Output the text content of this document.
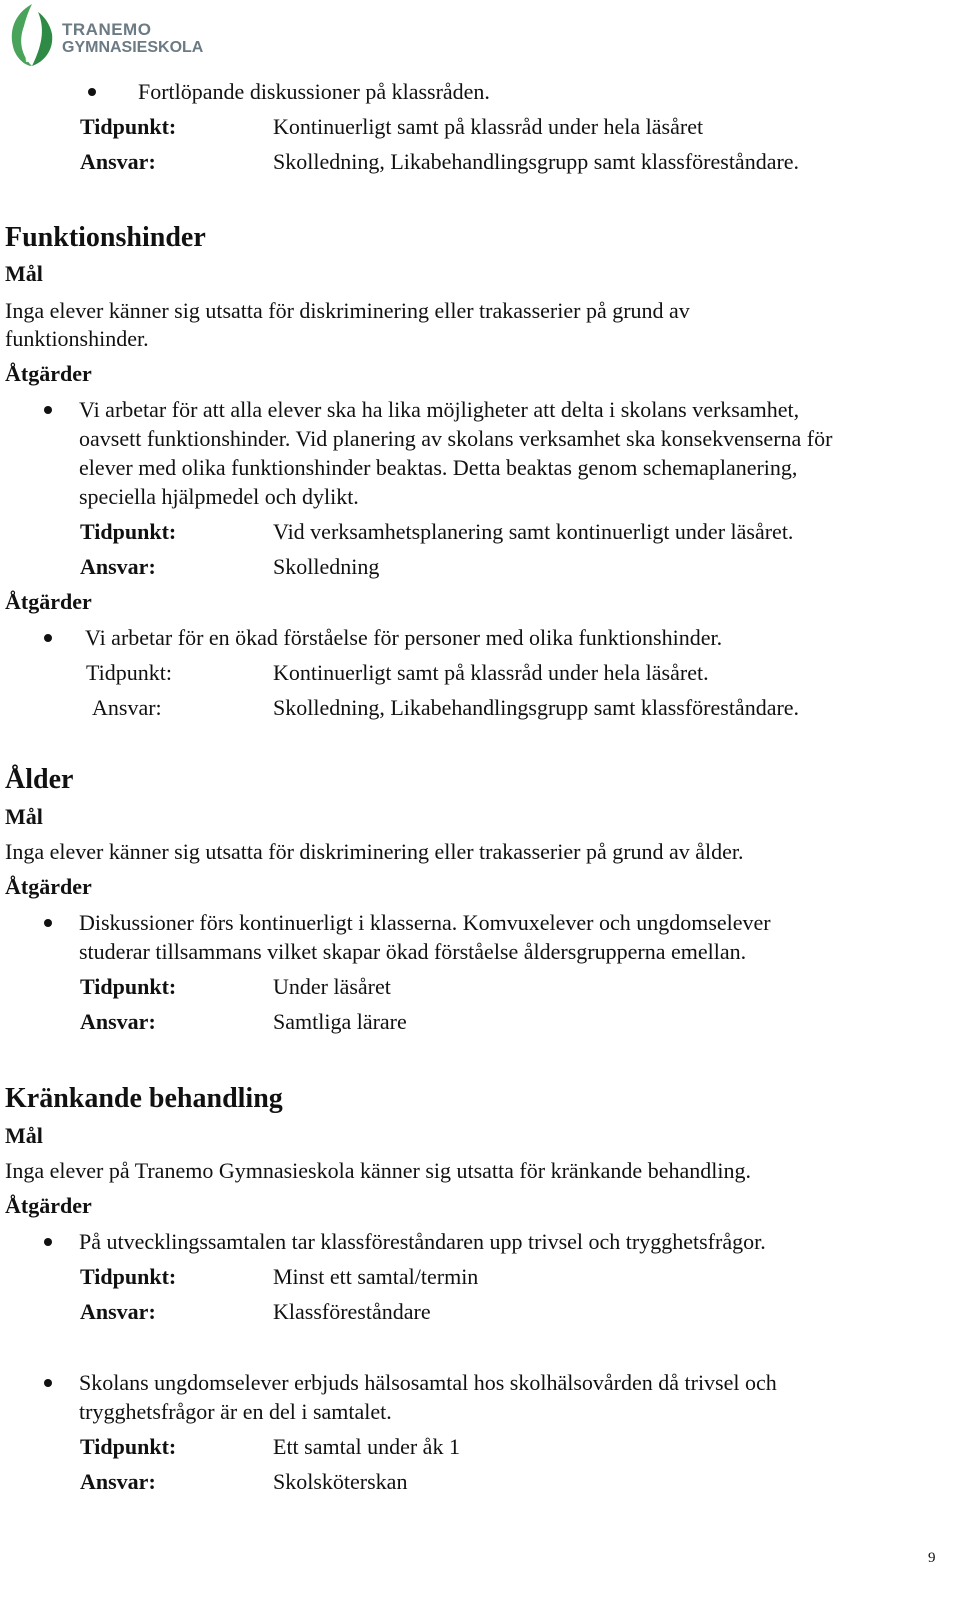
TRANEMO
GYMNASIESKOLA
Fortlöpande diskussioner på klassråden.
Tidpunkt:	Kontinuerligt samt på klassråd under hela läsåret
Ansvar:	Skolledning, Likabehandlingsgrupp samt klassföreståndare.
Funktionshinder
Mål
Inga elever känner sig utsatta för diskriminering eller trakasserier på grund av
funktionshinder.
Åtgärder
Vi arbetar för att alla elever ska ha lika möjligheter att delta i skolans verksamhet,
oavsett funktionshinder. Vid planering av skolans verksamhet ska konsekvenserna för
elever med olika funktionshinder beaktas. Detta beaktas genom schemaplanering,
speciella hjälpmedel och dylikt.
Tidpunkt:	Vid verksamhetsplanering samt kontinuerligt under läsåret.
Ansvar:	Skolledning
Åtgärder
Vi arbetar för en ökad förståelse för personer med olika funktionshinder.
Tidpunkt:	Kontinuerligt samt på klassråd under hela läsåret.
Ansvar:	Skolledning, Likabehandlingsgrupp samt klassföreståndare.
Ålder
Mål
Inga elever känner sig utsatta för diskriminering eller trakasserier på grund av ålder.
Åtgärder
Diskussioner förs kontinuerligt i klasserna. Komvuxelever och ungdomselever
studerar tillsammans vilket skapar ökad förståelse åldersgrupperna emellan.
Tidpunkt:	Under läsåret
Ansvar:	Samtliga lärare
Kränkande behandling
Mål
Inga elever på Tranemo Gymnasieskola känner sig utsatta för kränkande behandling.
Åtgärder
På utvecklingssamtalen tar klassföreståndaren upp trivsel och trygghetsfrågor.
Tidpunkt:	Minst ett samtal/termin
Ansvar:	Klassföreståndare
Skolans ungdomselever erbjuds hälsosamtal hos skolhälsovården då trivsel och
trygghetsfrågor är en del i samtalet.
Tidpunkt:	Ett samtal under åk 1
Ansvar:	Skolsköterskan
9
